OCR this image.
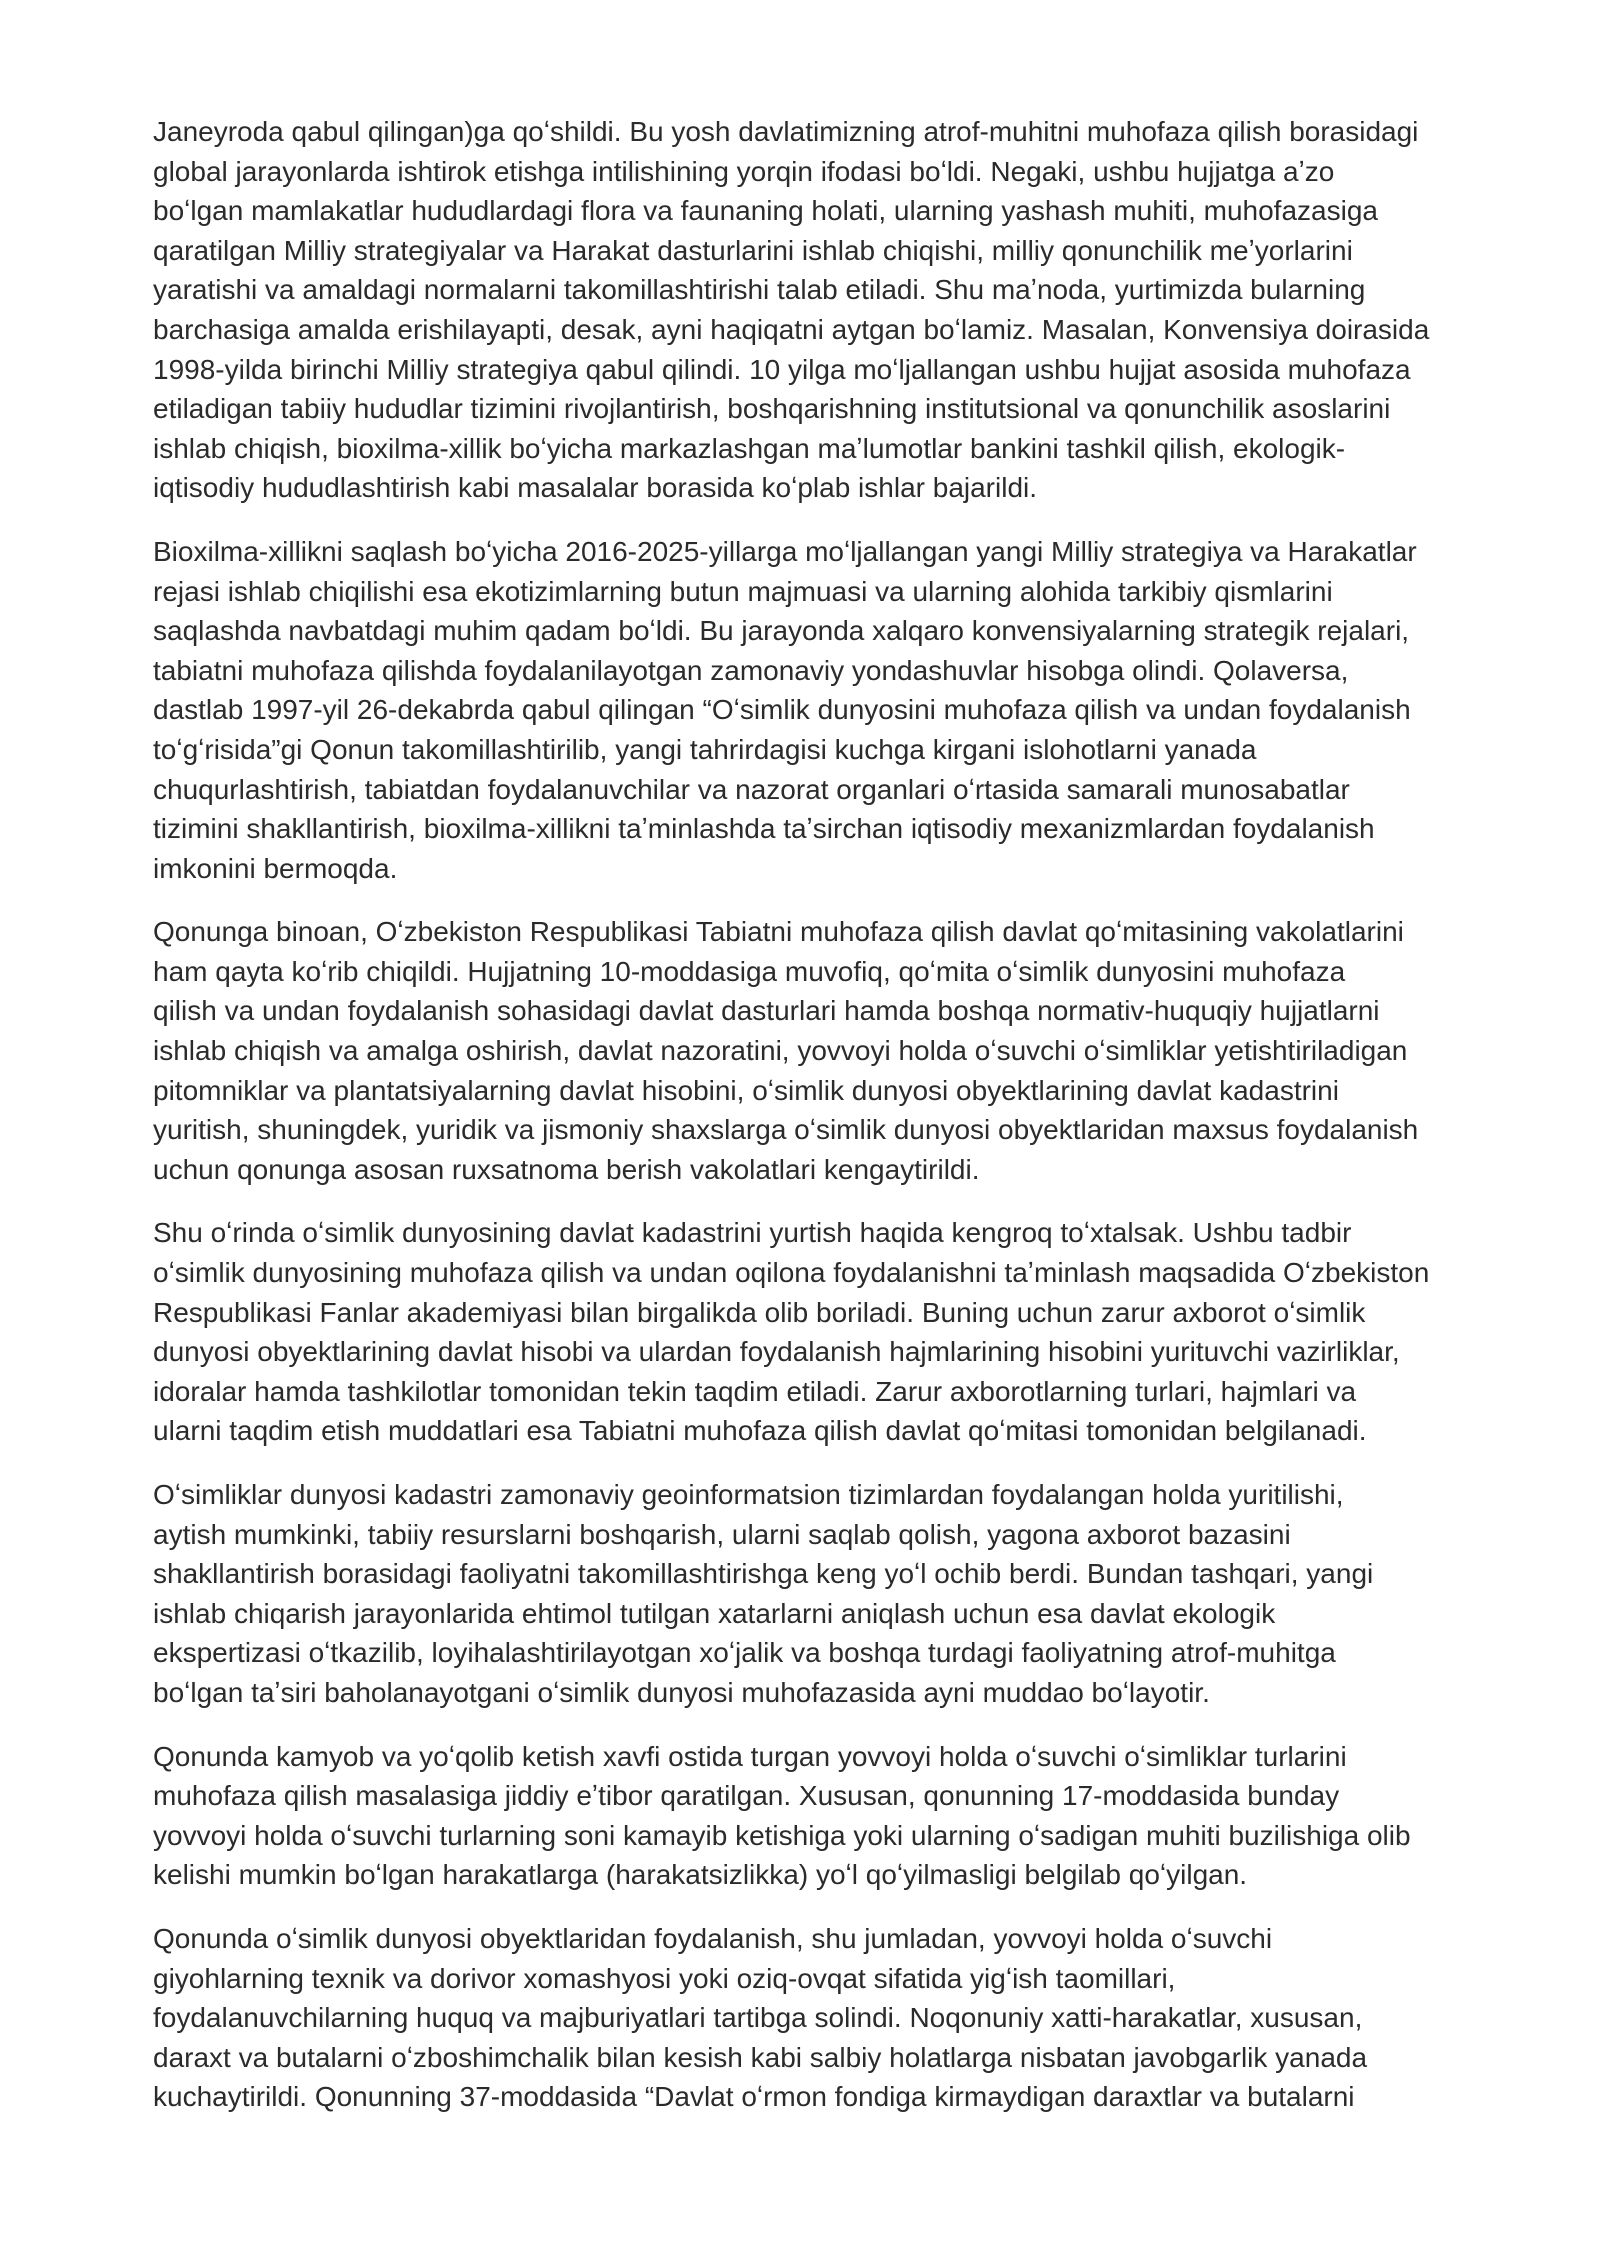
Janeyroda qabul qilingan)ga qoʻshildi. Bu yosh davlatimizning atrof-muhitni muhofaza qilish borasidagi
global jarayonlarda ishtirok etishga intilishining yorqin ifodasi boʻldi. Negaki, ushbu hujjatga aʼzo
boʻlgan mamlakatlar hududlardagi flora va faunaning holati, ularning yashash muhiti, muhofazasiga
qaratilgan Milliy strategiyalar va Harakat dasturlarini ishlab chiqishi, milliy qonunchilik meʼyorlarini
yaratishi va amaldagi normalarni takomillashtirishi talab etiladi. Shu maʼnoda, yurtimizda bularning
barchasiga amalda erishilayapti, desak, ayni haqiqatni aytgan boʻlamiz. Masalan, Konvensiya doirasida
1998-yilda birinchi Milliy strategiya qabul qilindi. 10 yilga moʻljallangan ushbu hujjat asosida muhofaza
etiladigan tabiiy hududlar tizimini rivojlantirish, boshqarishning institutsional va qonunchilik asoslarini
ishlab chiqish, bioxilma-xillik boʻyicha markazlashgan maʼlumotlar bankini tashkil qilish, ekologik-
iqtisodiy hududlashtirish kabi masalalar borasida koʻplab ishlar bajarildi.

Bioxilma-xillikni saqlash boʻyicha 2016-2025-yillarga moʻljallangan yangi Milliy strategiya va Harakatlar
rejasi ishlab chiqilishi esa ekotizimlarning butun majmuasi va ularning alohida tarkibiy qismlarini
saqlashda navbatdagi muhim qadam boʻldi. Bu jarayonda xalqaro konvensiyalarning strategik rejalari,
tabiatni muhofaza qilishda foydalanilayotgan zamonaviy yondashuvlar hisobga olindi. Qolaversa,
dastlab 1997-yil 26-dekabrda qabul qilingan “Oʻsimlik dunyosini muhofaza qilish va undan foydalanish
toʻgʻrisida”gi Qonun takomillashtirilib, yangi tahrirdagisi kuchga kirgani islohotlarni yanada
chuqurlashtirish, tabiatdan foydalanuvchilar va nazorat organlari oʻrtasida samarali munosabatlar
tizimini shakllantirish, bioxilma-xillikni taʼminlashda taʼsirchan iqtisodiy mexanizmlardan foydalanish
imkonini bermoqda.

Qonunga binoan, Oʻzbekiston Respublikasi Tabiatni muhofaza qilish davlat qoʻmitasining vakolatlarini
ham qayta koʻrib chiqildi. Hujjatning 10-moddasiga muvofiq, qoʻmita oʻsimlik dunyosini muhofaza
qilish va undan foydalanish sohasidagi davlat dasturlari hamda boshqa normativ-huquqiy hujjatlarni
ishlab chiqish va amalga oshirish, davlat nazoratini, yovvoyi holda oʻsuvchi oʻsimliklar yetishtiriladigan
pitomniklar va plantatsiyalarning davlat hisobini, oʻsimlik dunyosi obyektlarining davlat kadastrini
yuritish, shuningdek, yuridik va jismoniy shaxslarga oʻsimlik dunyosi obyektlaridan maxsus foydalanish
uchun qonunga asosan ruxsatnoma berish vakolatlari kengaytirildi.

Shu oʻrinda oʻsimlik dunyosining davlat kadastrini yurtish haqida kengroq toʻxtalsak. Ushbu tadbir
oʻsimlik dunyosining muhofaza qilish va undan oqilona foydalanishni taʼminlash maqsadida Oʻzbekiston
Respublikasi Fanlar akademiyasi bilan birgalikda olib boriladi. Buning uchun zarur axborot oʻsimlik
dunyosi obyektlarining davlat hisobi va ulardan foydalanish hajmlarining hisobini yurituvchi vazirliklar,
idoralar hamda tashkilotlar tomonidan tekin taqdim etiladi. Zarur axborotlarning turlari, hajmlari va
ularni taqdim etish muddatlari esa Tabiatni muhofaza qilish davlat qoʻmitasi tomonidan belgilanadi.

Oʻsimliklar dunyosi kadastri zamonaviy geoinformatsion tizimlardan foydalangan holda yuritilishi,
aytish mumkinki, tabiiy resurslarni boshqarish, ularni saqlab qolish, yagona axborot bazasini
shakllantirish borasidagi faoliyatni takomillashtirishga keng yoʻl ochib berdi. Bundan tashqari, yangi
ishlab chiqarish jarayonlarida ehtimol tutilgan xatarlarni aniqlash uchun esa davlat ekologik
ekspertizasi oʻtkazilib, loyihalashtirilayotgan xoʻjalik va boshqa turdagi faoliyatning atrof-muhitga
boʻlgan taʼsiri baholanayotgani oʻsimlik dunyosi muhofazasida ayni muddao boʻlayotir.

Qonunda kamyob va yoʻqolib ketish xavfi ostida turgan yovvoyi holda oʻsuvchi oʻsimliklar turlarini
muhofaza qilish masalasiga jiddiy eʼtibor qaratilgan. Xususan, qonunning 17-moddasida bunday
yovvoyi holda oʻsuvchi turlarning soni kamayib ketishiga yoki ularning oʻsadigan muhiti buzilishiga olib
kelishi mumkin boʻlgan harakatlarga (harakatsizlikka) yoʻl qoʻyilmasligi belgilab qoʻyilgan.

Qonunda oʻsimlik dunyosi obyektlaridan foydalanish, shu jumladan, yovvoyi holda oʻsuvchi
giyohlarning texnik va dorivor xomashyosi yoki oziq-ovqat sifatida yigʻish taomillari,
foydalanuvchilarning huquq va majburiyatlari tartibga solindi. Noqonuniy xatti-harakatlar, xususan,
daraxt va butalarni oʻzboshimchalik bilan kesish kabi salbiy holatlarga nisbatan javobgarlik yanada
kuchaytirildi. Qonunning 37-moddasida “Davlat oʻrmon fondiga kirmaydigan daraxtlar va butalarni
